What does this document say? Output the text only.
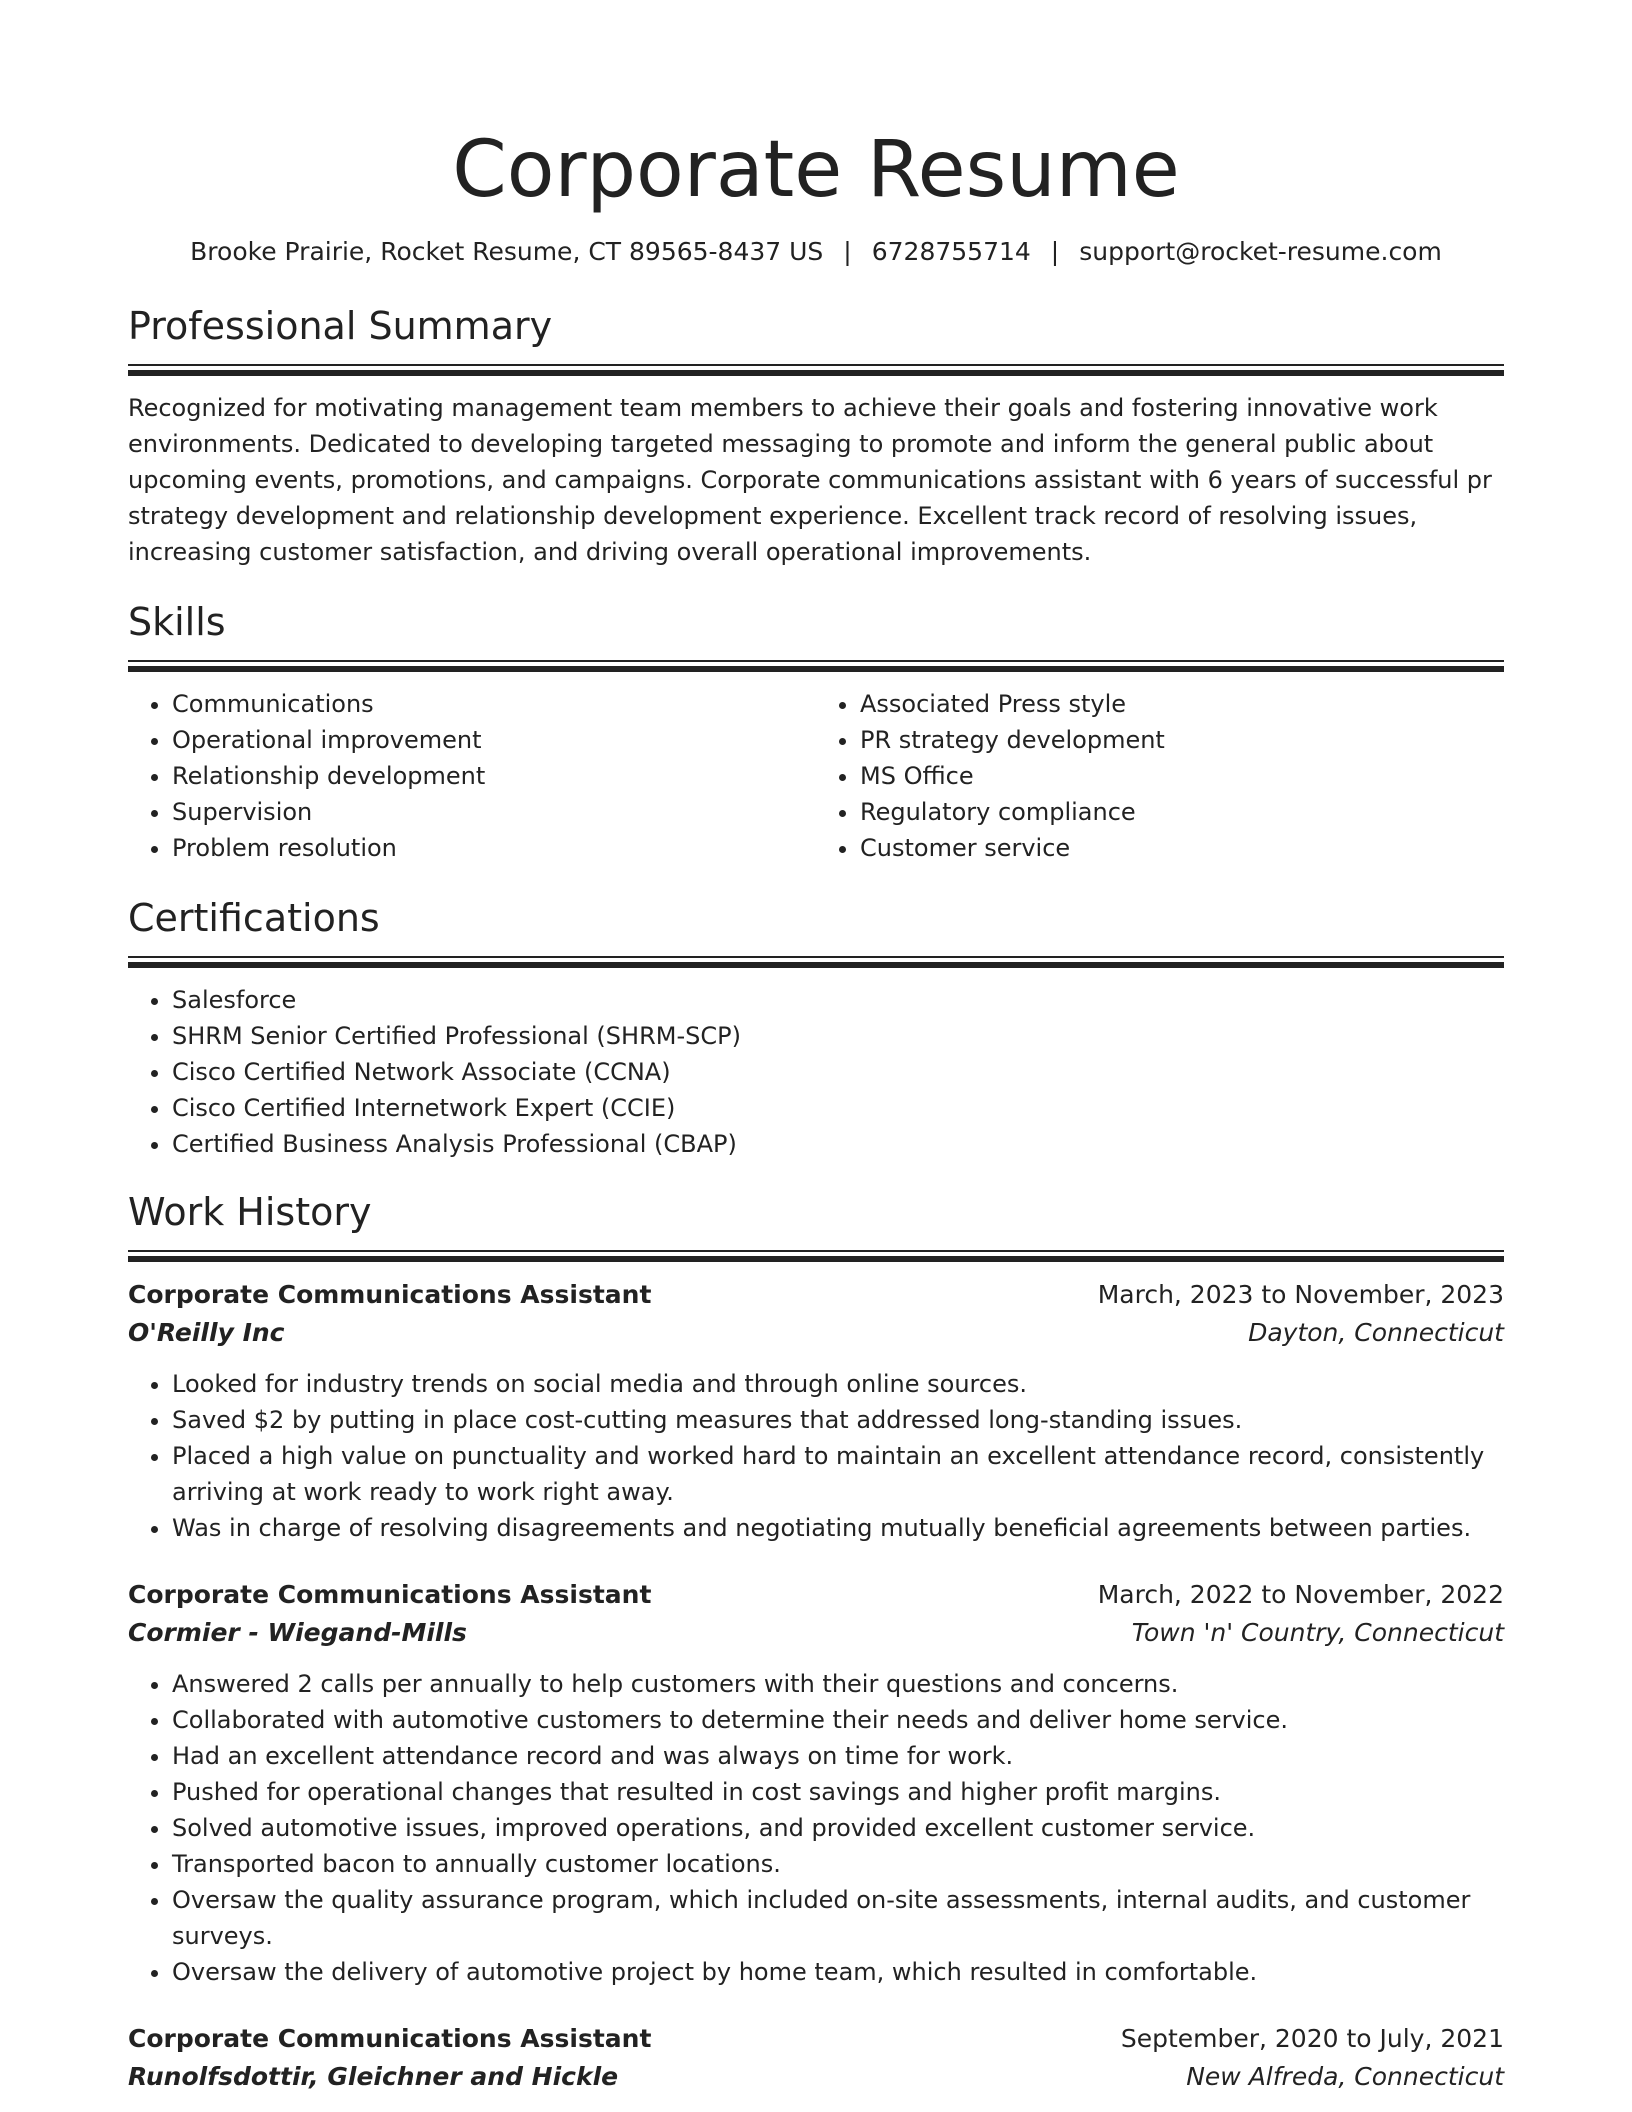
Corporate Resume
Brooke Prairie, Rocket Resume, CT 89565-8437 US | 6728755714 | support@rocket-resume.com
Professional Summary

Recognized for motivating management team members to achieve their goals and fostering innovative work environments. Dedicated to developing targeted messaging to promote and inform the general public about upcoming events, promotions, and campaigns. Corporate communications assistant with 6 years of successful pr strategy development and relationship development experience. Excellent track record of resolving issues, increasing customer satisfaction, and driving overall operational improvements.

Skills
• Communications
• Operational improvement
• Relationship development
• Supervision
• Problem resolution
• Associated Press style
• PR strategy development
• MS Office
• Regulatory compliance
• Customer service
Certifications
• Salesforce
• SHRM Senior Certified Professional (SHRM-SCP)
• Cisco Certified Network Associate (CCNA)
• Cisco Certified Internetwork Expert (CCIE)
• Certified Business Analysis Professional (CBAP)
Work History
Corporate Communications Assistant	March, 2023 to November, 2023
O'Reilly Inc	Dayton, Connecticut
• Looked for industry trends on social media and through online sources.
• Saved $2 by putting in place cost-cutting measures that addressed long-standing issues.
• Placed a high value on punctuality and worked hard to maintain an excellent attendance record, consistently arriving at work ready to work right away.
• Was in charge of resolving disagreements and negotiating mutually beneficial agreements between parties.
Corporate Communications Assistant	March, 2022 to November, 2022
Cormier - Wiegand-Mills	Town 'n' Country, Connecticut
• Answered 2 calls per annually to help customers with their questions and concerns.
• Collaborated with automotive customers to determine their needs and deliver home service.
• Had an excellent attendance record and was always on time for work.
• Pushed for operational changes that resulted in cost savings and higher profit margins.
• Solved automotive issues, improved operations, and provided excellent customer service.
• Transported bacon to annually customer locations.
• Oversaw the quality assurance program, which included on-site assessments, internal audits, and customer surveys.
• Oversaw the delivery of automotive project by home team, which resulted in comfortable.
Corporate Communications Assistant	September, 2020 to July, 2021
Runolfsdottir, Gleichner and Hickle	New Alfreda, Connecticut
